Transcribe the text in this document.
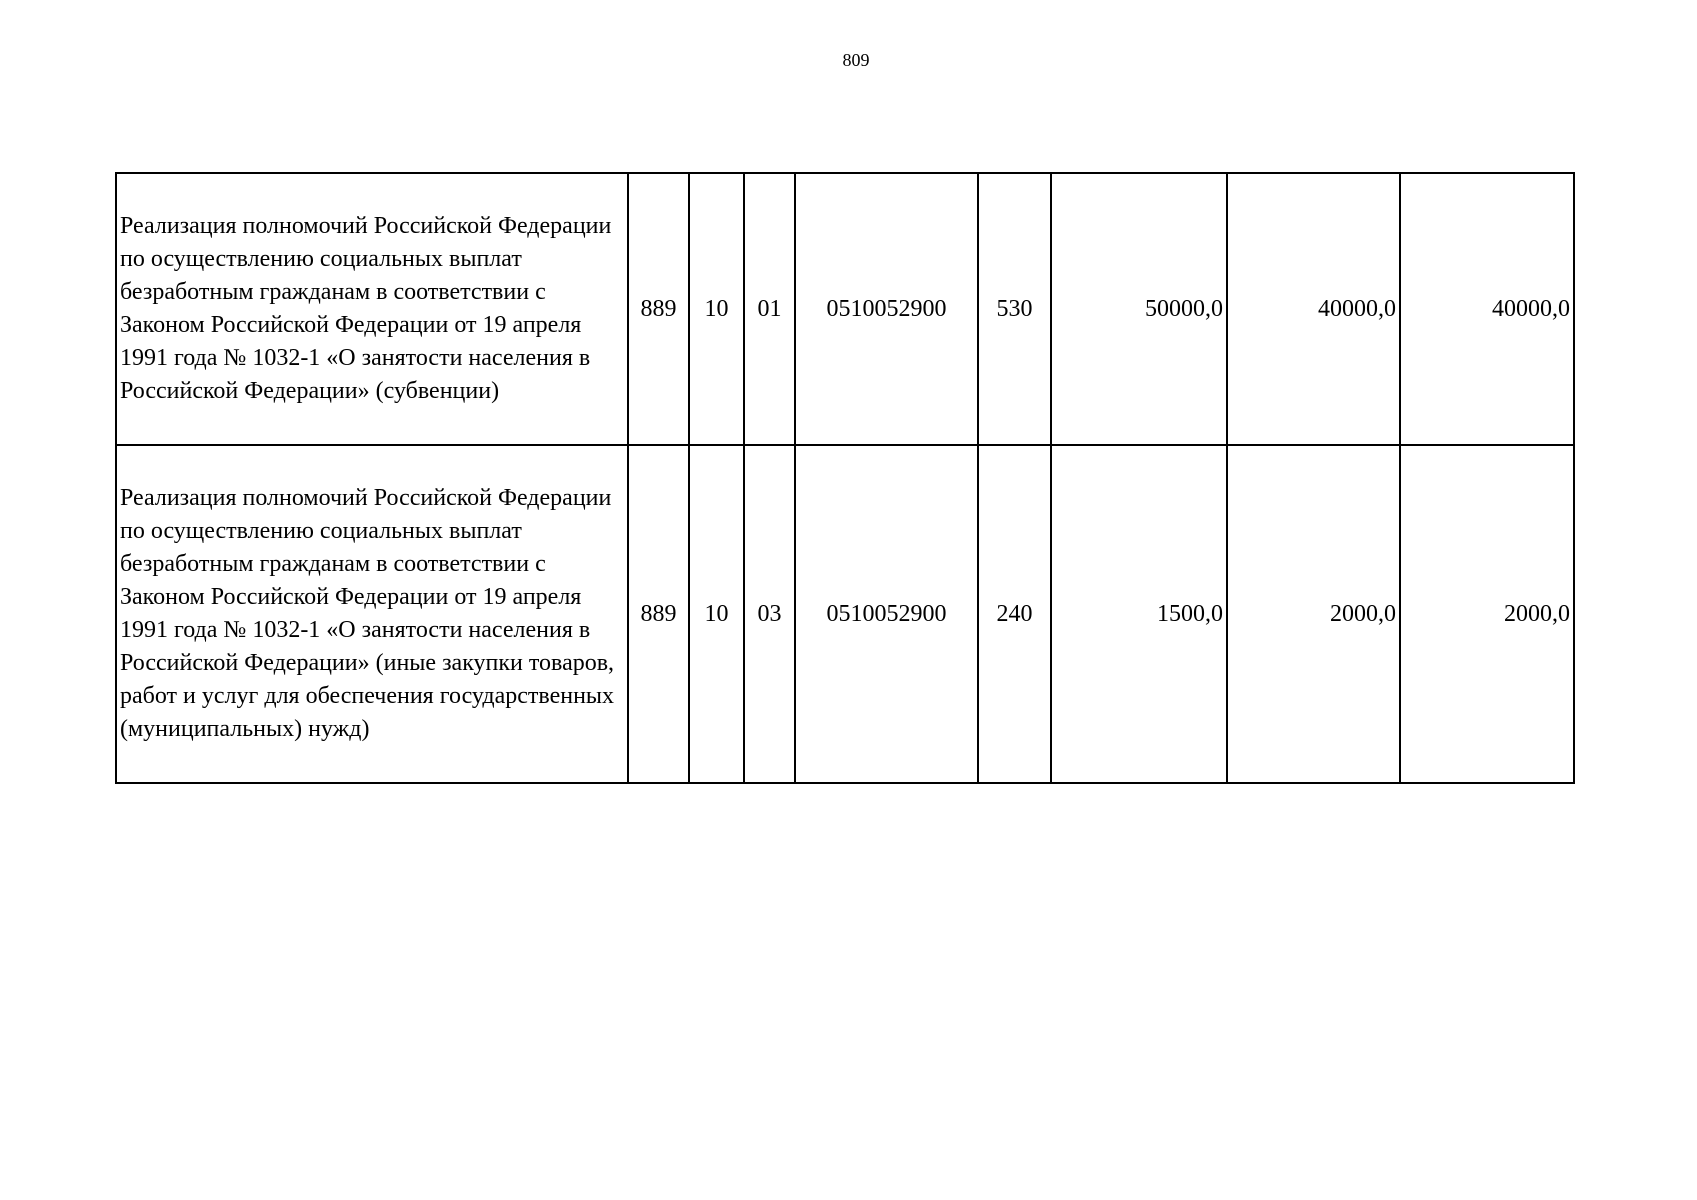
809
Реализация полномочий Российской Федерации по осуществлению социальных выплат безработным гражданам в соответствии с Законом Российской Федерации от 19 апреля 1991 года № 1032-1 «О занятости населения в Российской Федерации» (субвенции)	889	10	01	0510052900	530	50000,0	40000,0	40000,0
Реализация полномочий Российской Федерации по осуществлению социальных выплат безработным гражданам в соответствии с Законом Российской Федерации от 19 апреля 1991 года № 1032-1 «О занятости населения в Российской Федерации» (иные закупки товаров, работ и услуг для обеспечения государственных (муниципальных) нужд)	889	10	03	0510052900	240	1500,0	2000,0	2000,0
